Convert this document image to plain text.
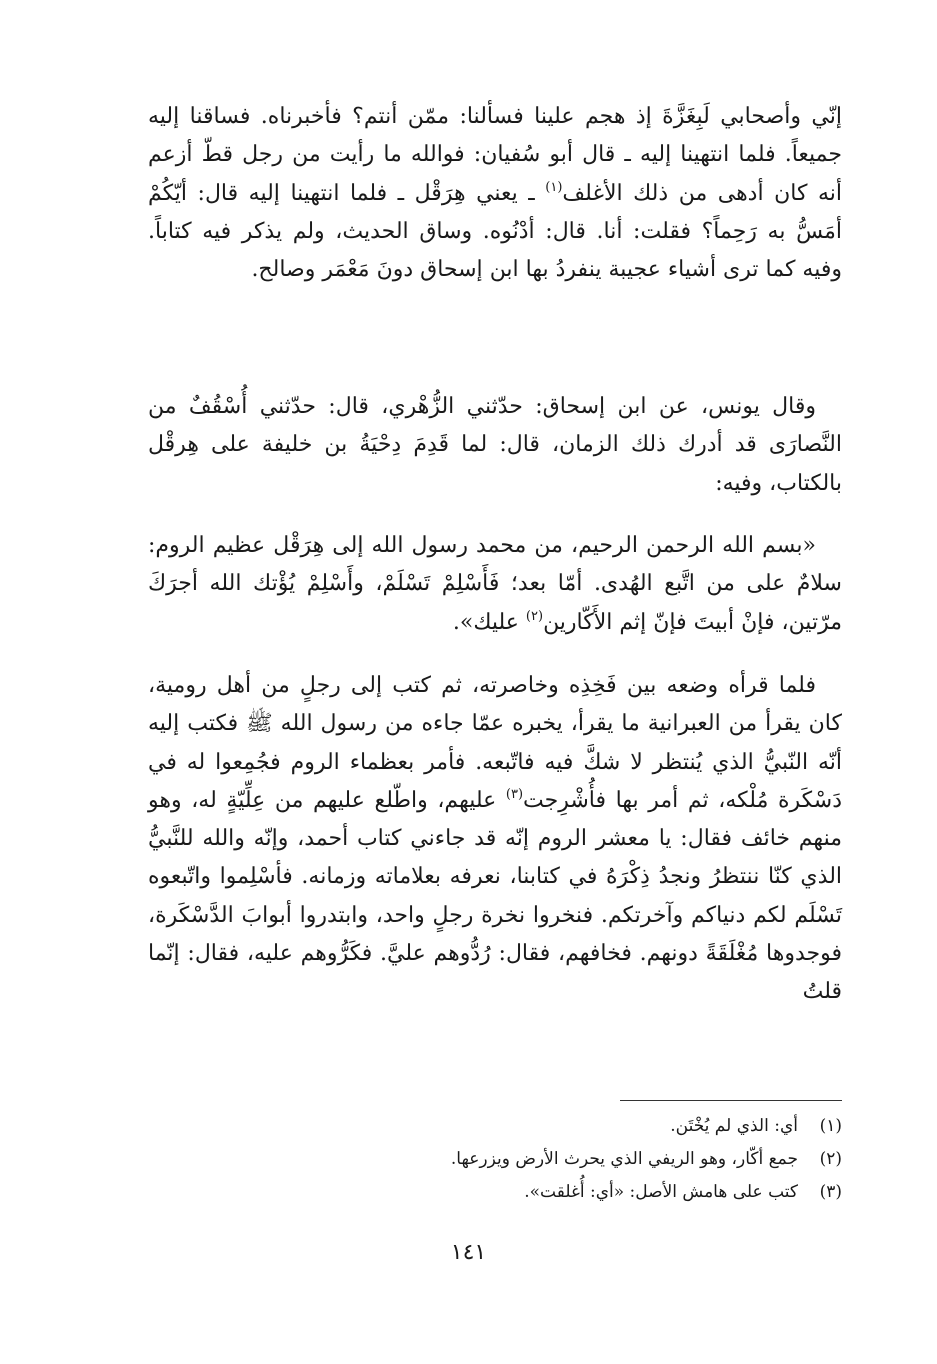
إنّي وأصحابي لَبِغَزَّةَ إذ هجم علينا فسألنا: ممّن أنتم؟ فأخبرناه. فساقنا إليه جميعاً. فلما انتهينا إليه ـ قال أبو سُفيان: فوالله ما رأيت من رجل قطّ أزعم أنه كان أدهى من ذلك الأغلف$^{(١)}$ ـ يعني هِرَقْل ـ فلما انتهينا إليه قال: أيّكُمْ أمَسُّ به رَحِماً؟ فقلت: أنا. قال: أدْنُوه. وساق الحديث، ولم يذكر فيه كتاباً. وفيه كما ترى أشياء عجيبة ينفردُ بها ابن إسحاق دونَ مَعْمَر وصالح.

وقال يونس، عن ابن إسحاق: حدّثني الزُّهْري، قال: حدّثني أُسْقُفٌ من النَّصارَى قد أدرك ذلك الزمان، قال: لما قَدِمَ دِحْيَةُ بن خليفة على هِرقْل بالكتاب، وفيه:

«بسم الله الرحمن الرحيم، من محمد رسول الله إلى هِرَقْل عظيم الروم: سلامٌ على من اتَّبع الهُدى. أمّا بعد؛ فَأَسْلِمْ تَسْلَمْ، وأَسْلِمْ يُؤْتك الله أجرَكَ مرّتين، فإنْ أبيتَ فإنّ إثم الأَكّارين$^{(٢)}$ عليك».

فلما قرأه وضعه بين فَخِذِه وخاصرته، ثم كتب إلى رجلٍ من أهل رومية، كان يقرأ من العبرانية ما يقرأ، يخبره عمّا جاءه من رسول الله ﷺ فكتب إليه أنّه النّبيُّ الذي يُنتظر لا شكَّ فيه فاتّبعه. فأمر بعظماء الروم فجُمِعوا له في دَسْكَرة مُلْكه، ثم أمر بها فأُشْرِجت$^{(٣)}$ عليهم، واطّلع عليهم من عِلِّيّةٍ له، وهو منهم خائف فقال: يا معشر الروم إنّه قد جاءني كتاب أحمد، وإنّه والله للنَّبيُّ الذي كنّا ننتظرُ ونجدُ ذِكْرَهُ في كتابنا، نعرفه بعلاماته وزمانه. فأسْلِموا واتّبعوه تَسْلَم لكم دنياكم وآخرتكم. فنخروا نخرة رجلٍ واحد، وابتدروا أبوابَ الدَّسْكَرة، فوجدوها مُغْلَقَةً دونهم. فخافهم، فقال: رُدُّوهم عليَّ. فكَرُّوهم عليه، فقال: إنّما قلتُ

(١)أي: الذي لم يُخْتَن.
(٢)جمع أكّار، وهو الريفي الذي يحرث الأرض ويزرعها.
(٣)كتب على هامش الأصل: «أي: أُغلقت».
١٤١
